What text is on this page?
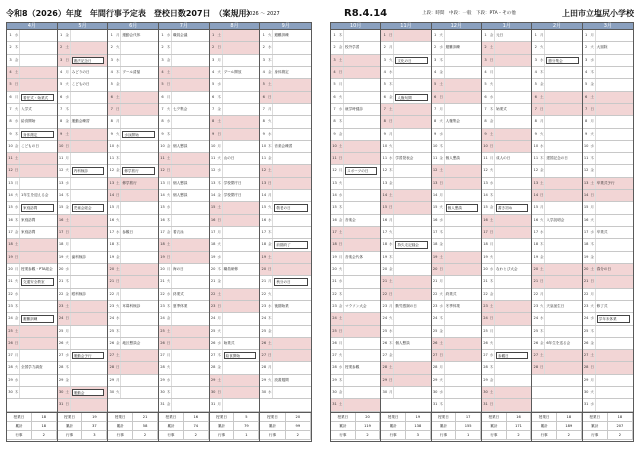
令和8（2026）年度　年間行事予定表　登校日数207日　（案規用）
2026 ～ 2027	R8.4.14	上段：時間　中段：一般　下段：PTA・その他	上田市立塩尻小学校
4月
1 水
2 木
3 金
4 土
5 日
6 月	着任式・始業式
7 火 入学式
8 水 給食開始
9 木	身体測定
10 金 こどもの日
11 土
12 日
13 月
14 火 1年生を迎える会
15 水	家庭訪問
16 木 家庭訪問
17 金 家庭訪問
18 土
19 日
20 月 授業参観・PTA総会
21 火	交通安全教室
22 水
23 木
24 金	避難訓練
25 土
26 日
27 月
28 火 全国学力調査
29 水
30 木
授業日	18
累計	18
行事	2
5月
1 金
2 土
3 日	憲法記念日
4 月 みどりの日
5 火 こどもの日
6 水
7 木
8 金 運動会練習
9 土
10 日
11 月
12 火	内科検診
13 水
14 木
15 金	児童会総会
16 土
17 日
18 月
19 火 歯科検診
20 水
21 木
22 金 眼科検診
23 土
24 日
25 月
26 火
27 水	運動会予行
28 木
29 金
30 土	運動会
31 日
授業日	19
累計	37
行事	3
6月
1 月 運動会代休
2 火
3 水
4 木 プール清掃
5 金
6 土
7 日
8 月
9 火	水泳開始
10 水
11 木
12 金	修学旅行
13 土 修学旅行
14 日
15 月
16 火
17 水 参観日
18 木
19 金
20 土
21 日
22 月
23 火 耳鼻科検診
24 水
25 木
26 金 地区懇談会
27 土
28 日
29 月
30 火
授業日	21
累計	58
行事	2
7月
1 水 職員会議
2 木
3 金
4 土
5 日
6 月
7 火 七夕集会
8 水
9 木
10 金 個人懇談
11 土
12 日
13 月 個人懇談
14 火 個人懇談
15 水
16 木
17 金 着衣泳
18 土
19 日
20 月 海の日
21 火
22 水 終業式
23 木 夏季休業
24 金
25 土
26 日
27 月
28 火
29 水
30 木
31 金
授業日	16
累計	74
行事	2
8月
1 土
2 日
3 月
4 火 プール開放
5 水
6 木
7 金
8 土
9 日
10 月
11 火 山の日
12 水
13 木 学校閉庁日
14 金 学校閉庁日
15 土
16 日
17 月
18 火
19 水
20 木 職員研修
21 金
22 土
23 日
24 月
25 火
26 水 始業式
27 木	給食開始
28 金
29 土
30 日
31 月
授業日	5
累計	79
行事	1
9月
1 火 避難訓練
2 水
3 木
4 金 身体測定
5 土
6 日
7 月
8 火
9 水
10 木 音楽会練習
11 金
12 土
13 日
14 月
15 火	敬老の日
16 水
17 木
18 金	前期終了
19 土
20 日
21 月	秋分の日
22 火
23 水 後期始業
24 木
25 金
26 土
27 日
28 月
29 火 読書週間
30 水
授業日	20
累計	99
行事	2
10月
1 木
2 金 校外学習
3 土
4 日
5 月
6 火
7 水 就学時健診
8 木
9 金
10 土
11 日
12 月	スポーツの日
13 火
14 水
15 木
16 金 音楽会
17 土
18 日
19 月 音楽会代休
20 火
21 水
22 木
23 金 マラソン大会
24 土
25 日
26 月
27 火
28 水 授業参観
29 木
30 金
31 土
授業日	20
累計	119
行事	2
11月
1 日
2 月
3 火	文化の日
4 水
5 木
6 金	人権旬間
7 土
8 日
9 月
10 火
11 水 学習発表会
12 木
13 金
14 土
15 日
16 月
17 火
18 水	持久走記録会
19 木
20 金
21 土
22 日
23 月 勤労感謝の日
24 火
25 水
26 木 個人懇談
27 金
28 土
29 日
30 月
授業日	19
累計	138
行事	3
12月
1 火
2 水 避難訓練
3 木
4 金
5 土
6 日
7 月
8 火 人権集会
9 水
10 木
11 金 個人懇談
12 土
13 日
14 月
15 火	個人懇談
16 水
17 木
18 金
19 土
20 日
21 月
22 火 終業式
23 水 冬季休業
24 木
25 金
26 土
27 日
28 月
29 火
30 水
31 木
授業日	17
累計	155
行事	1
1月
1 金 元日
2 土
3 日
4 月
5 火
6 水
7 木 始業式
8 金
9 土
10 日
11 月 成人の日
12 火
13 水
14 木
15 金	書き初め
16 土
17 日
18 月
19 火
20 水 なわとび大会
21 木
22 金
23 土
24 日
25 月
26 火
27 水	参観日
28 木
29 金
30 土
31 日
授業日	16
累計	171
行事	2
2月
1 月
2 火
3 水	節分集会
4 木
5 金
6 土
7 日
8 月
9 火
10 水
11 木 建国記念の日
12 金
13 土
14 日
15 月
16 火 入学説明会
17 水
18 木
19 金
20 土
21 日
22 月
23 火 天皇誕生日
24 水
25 木
26 金 6年生を送る会
27 土
28 日
授業日	18
累計	189
行事	2
3月
1 月
2 火 大掃除
3 水
4 木
5 金
6 土
7 日
8 月
9 火
10 水
11 木
12 金
13 土 卒業式予行
14 日
15 月
16 火
17 水 卒業式
18 木
19 金
20 土 春分の日
21 日
22 月
23 火 修了式
24 水	学年末休業
25 木
26 金
27 土
28 日
29 月
30 火
31 水
授業日	18
累計	207
行事	2
